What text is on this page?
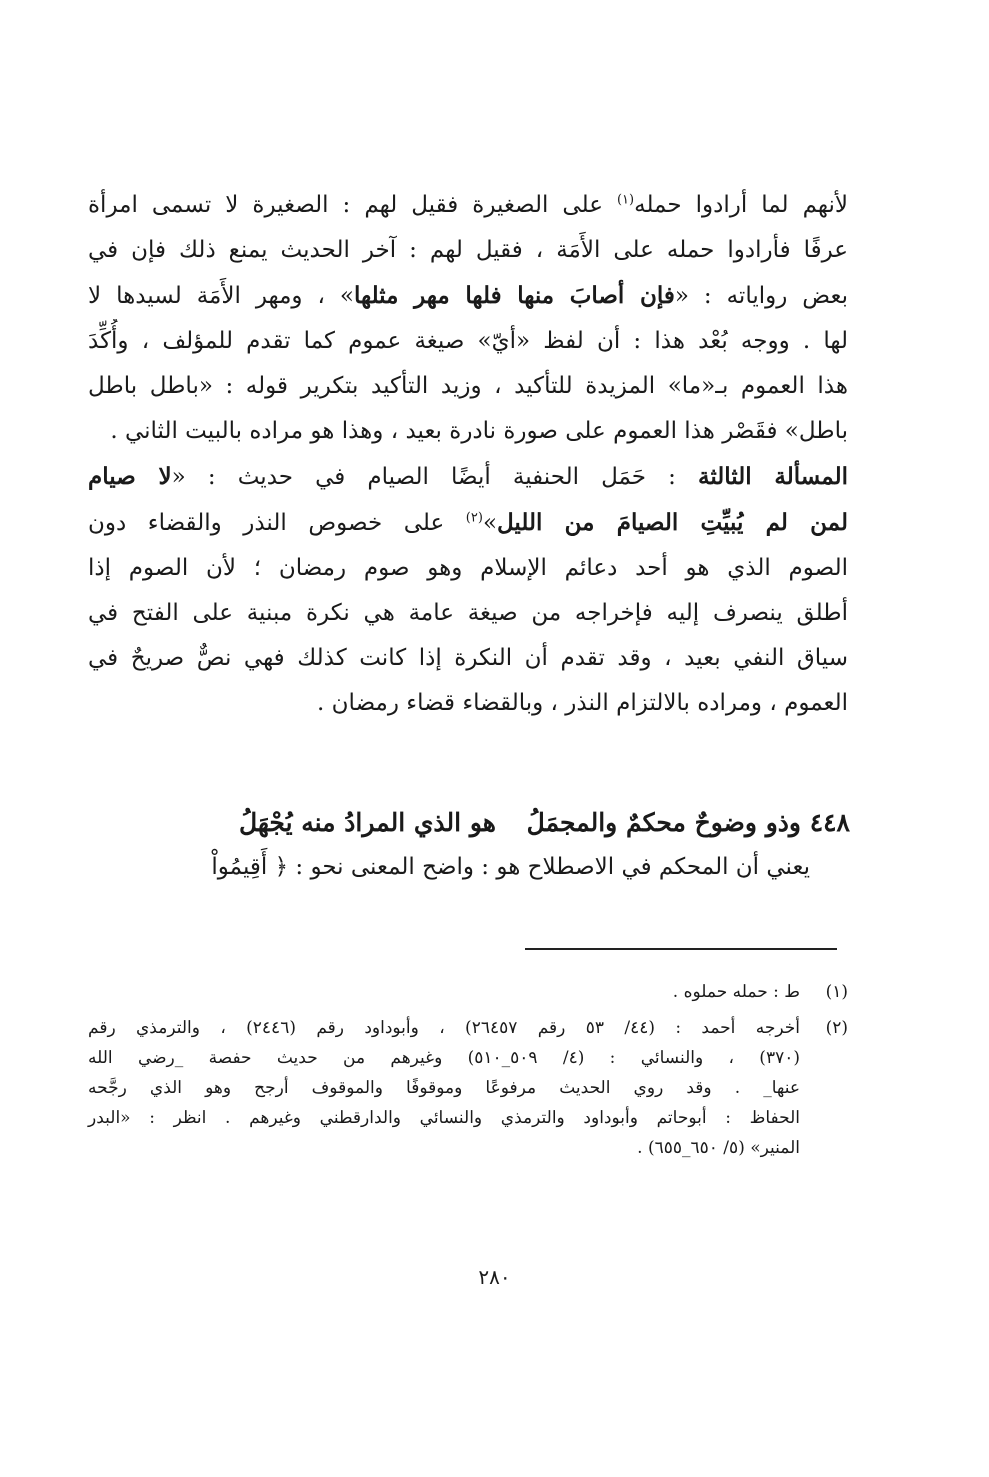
لأنهم لما أرادوا حمله$^{(١)}$ على الصغيرة فقيل لهم : الصغيرة لا تسمى امرأة
عرفًا فأرادوا حمله على الأَمَة ، فقيل لهم : آخر الحديث يمنع ذلك فإن في
بعض رواياته : «فإن أصابَ منها فلها مهر مثلها» ، ومهر الأَمَة لسيدها لا
لها . ووجه بُعْد هذا : أن لفظ «أيّ» صيغة عموم كما تقدم للمؤلف ، وأُكِّدَ
هذا العموم بـ«ما» المزيدة للتأكيد ، وزيد التأكيد بتكرير قوله : «باطل باطل
باطل» فقَصْر هذا العموم على صورة نادرة بعيد ، وهذا هو مراده بالبيت الثاني .
المسألة الثالثة : حَمَل الحنفية أيضًا الصيام في حديث : «لا صيام
لمن لم يُبيِّتِ الصيامَ من الليل»$^{(٢)}$ على خصوص النذر والقضاء دون
الصوم الذي هو أحد دعائم الإسلام وهو صوم رمضان ؛ لأن الصوم إذا
أطلق ينصرف إليه فإخراجه من صيغة عامة هي نكرة مبنية على الفتح في
سياق النفي بعيد ، وقد تقدم أن النكرة إذا كانت كذلك فهي نصٌّ صريحٌ في
العموم ، ومراده بالالتزام النذر ، وبالقضاء قضاء رمضان .
٤٤٨ وذو وضوحٌ محكمٌ والمجمَلُ هو الذي المرادُ منه يُجْهَلُ
يعني أن المحكم في الاصطلاح هو : واضح المعنى نحو : ﴿ أَقِيمُواْ
(١)
ط : حمله حملوه .
(٢)
أخرجه أحمد : (٤٤/ ٥٣ رقم ٢٦٤٥٧) ، وأبوداود رقم (٢٤٤٦) ، والترمذي رقم
(٣٧٠) ، والنسائي : (٤/ ٥٠٩_٥١٠) وغيرهم من حديث حفصة _رضي الله
عنها_ . وقد روي الحديث مرفوعًا وموقوفًا والموقوف أرجح وهو الذي رجَّحه
الحفاظ : أبوحاتم وأبوداود والترمذي والنسائي والدارقطني وغيرهم . انظر : «البدر
المنير» (٥/ ٦٥٠_٦٥٥) .
٢٨٠
